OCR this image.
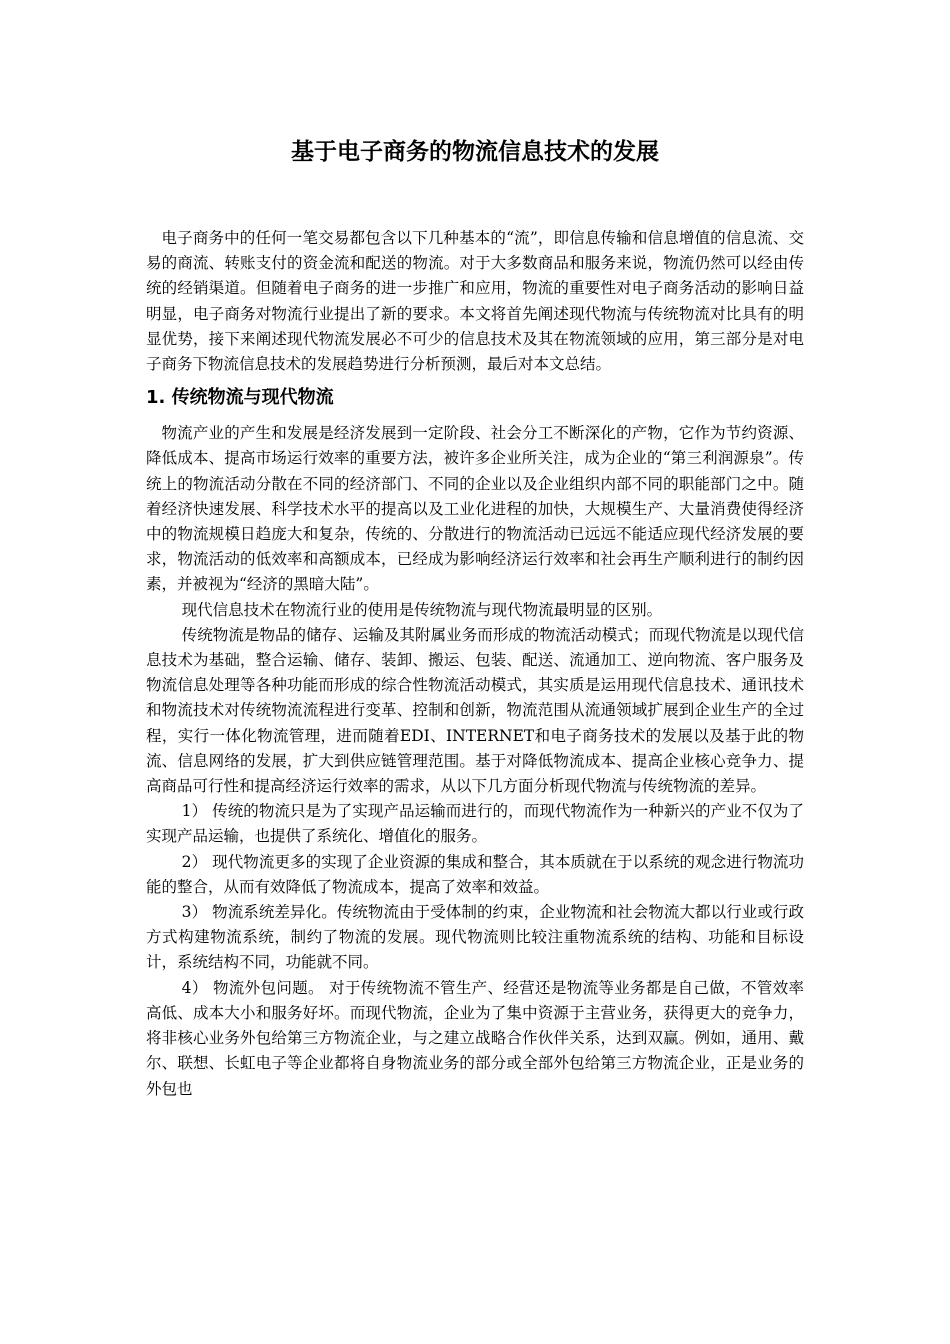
基于电子商务的物流信息技术的发展

电子商务中的任何一笔交易都包含以下几种基本的“流”，即信息传输和信息增值的信息流、交易的商流、转账支付的资金流和配送的物流。对于大多数商品和服务来说，物流仍然可以经由传统的经销渠道。但随着电子商务的进一步推广和应用，物流的重要性对电子商务活动的影响日益明显，电子商务对物流行业提出了新的要求。本文将首先阐述现代物流与传统物流对比具有的明显优势，接下来阐述现代物流发展必不可少的信息技术及其在物流领域的应用，第三部分是对电子商务下物流信息技术的发展趋势进行分析预测，最后对本文总结。

1. 传统物流与现代物流

物流产业的产生和发展是经济发展到一定阶段、社会分工不断深化的产物，它作为节约资源、降低成本、提高市场运行效率的重要方法，被许多企业所关注，成为企业的“第三利润源泉”。传统上的物流活动分散在不同的经济部门、不同的企业以及企业组织内部不同的职能部门之中。随着经济快速发展、科学技术水平的提高以及工业化进程的加快，大规模生产、大量消费使得经济中的物流规模日趋庞大和复杂，传统的、分散进行的物流活动已远远不能适应现代经济发展的要求，物流活动的低效率和高额成本，已经成为影响经济运行效率和社会再生产顺利进行的制约因素，并被视为“经济的黑暗大陆”。

现代信息技术在物流行业的使用是传统物流与现代物流最明显的区别。

传统物流是物品的储存、运输及其附属业务而形成的物流活动模式；而现代物流是以现代信息技术为基础，整合运输、储存、装卸、搬运、包装、配送、流通加工、逆向物流、客户服务及物流信息处理等各种功能而形成的综合性物流活动模式，其实质是运用现代信息技术、通讯技术和物流技术对传统物流流程进行变革、控制和创新，物流范围从流通领域扩展到企业生产的全过程，实行一体化物流管理，进而随着EDI、INTERNET和电子商务技术的发展以及基于此的物流、信息网络的发展，扩大到供应链管理范围。基于对降低物流成本、提高企业核心竞争力、提高商品可行性和提高经济运行效率的需求，从以下几方面分析现代物流与传统物流的差异。

1） 传统的物流只是为了实现产品运输而进行的，而现代物流作为一种新兴的产业不仅为了实现产品运输，也提供了系统化、增值化的服务。

2） 现代物流更多的实现了企业资源的集成和整合，其本质就在于以系统的观念进行物流功能的整合，从而有效降低了物流成本，提高了效率和效益。

3） 物流系统差异化。传统物流由于受体制的约束，企业物流和社会物流大都以行业或行政方式构建物流系统，制约了物流的发展。现代物流则比较注重物流系统的结构、功能和目标设计，系统结构不同，功能就不同。

4） 物流外包问题。 对于传统物流不管生产、经营还是物流等业务都是自己做，不管效率高低、成本大小和服务好坏。而现代物流，企业为了集中资源于主营业务，获得更大的竞争力，将非核心业务外包给第三方物流企业，与之建立战略合作伙伴关系，达到双赢。例如，通用、戴尔、联想、长虹电子等企业都将自身物流业务的部分或全部外包给第三方物流企业，正是业务的外包也
